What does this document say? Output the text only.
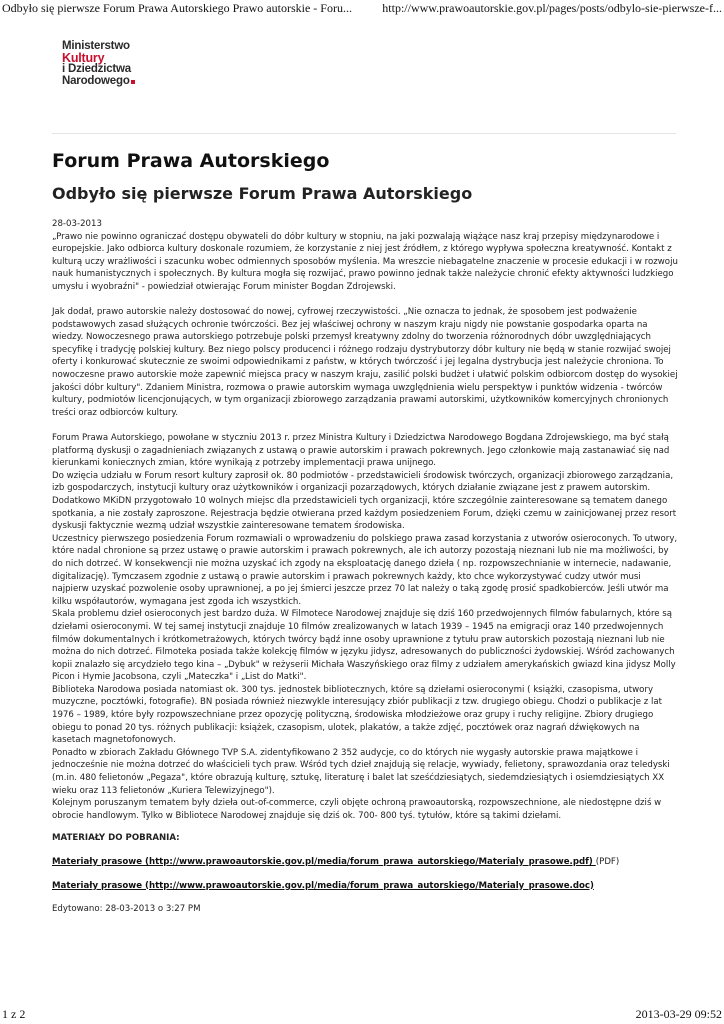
Odbyło się pierwsze Forum Prawa Autorskiego Prawo autorskie - Foru...	http://www.prawoautorskie.gov.pl/pages/posts/odbylo-sie-pierwsze-f...
Ministerstwo
Kultury
i Dziedzictwa
Narodowego
Forum Prawa Autorskiego
Odbyło się pierwsze Forum Prawa Autorskiego
28-03-2013

„Prawo nie powinno ograniczać dostępu obywateli do dóbr kultury w stopniu, na jaki pozwalają wiążące nasz kraj przepisy międzynarodowe i europejskie. Jako odbiorca kultury doskonale rozumiem, że korzystanie z niej jest źródłem, z którego wypływa społeczna kreatywność. Kontakt z kulturą uczy wrażliwości i szacunku wobec odmiennych sposobów myślenia. Ma wreszcie niebagatelne znaczenie w procesie edukacji i w rozwoju nauk humanistycznych i społecznych. By kultura mogła się rozwijać, prawo powinno jednak także należycie chronić efekty aktywności ludzkiego umysłu i wyobraźni" - powiedział otwierając Forum minister Bogdan Zdrojewski.

Jak dodał, prawo autorskie należy dostosować do nowej, cyfrowej rzeczywistości. „Nie oznacza to jednak, że sposobem jest podważenie podstawowych zasad służących ochronie twórczości. Bez jej właściwej ochrony w naszym kraju nigdy nie powstanie gospodarka oparta na wiedzy. Nowoczesnego prawa autorskiego potrzebuje polski przemysł kreatywny zdolny do tworzenia różnorodnych dóbr uwzględniających specyfikę i tradycję polskiej kultury. Bez niego polscy producenci i różnego rodzaju dystrybutorzy dóbr kultury nie będą w stanie rozwijać swojej oferty i konkurować skutecznie ze swoimi odpowiednikami z państw, w których twórczość i jej legalna dystrybucja jest należycie chroniona. To nowoczesne prawo autorskie może zapewnić miejsca pracy w naszym kraju, zasilić polski budżet i ułatwić polskim odbiorcom dostęp do wysokiej jakości dóbr kultury". Zdaniem Ministra, rozmowa o prawie autorskim wymaga uwzględnienia wielu perspektyw i punktów widzenia - twórców kultury, podmiotów licencjonujących, w tym organizacji zbiorowego zarządzania prawami autorskimi, użytkowników komercyjnych chronionych treści oraz odbiorców kultury.

Forum Prawa Autorskiego, powołane w styczniu 2013 r. przez Ministra Kultury i Dziedzictwa Narodowego Bogdana Zdrojewskiego, ma być stałą platformą dyskusji o zagadnieniach związanych z ustawą o prawie autorskim i prawach pokrewnych. Jego członkowie mają zastanawiać się nad kierunkami koniecznych zmian, które wynikają z potrzeby implementacji prawa unijnego.

Do wzięcia udziału w Forum resort kultury zaprosił ok. 80 podmiotów - przedstawicieli środowisk twórczych, organizacji zbiorowego zarządzania, izb gospodarczych, instytucji kultury oraz użytkowników i organizacji pozarządowych, których działanie związane jest z prawem autorskim. Dodatkowo MKiDN przygotowało 10 wolnych miejsc dla przedstawicieli tych organizacji, które szczególnie zainteresowane są tematem danego spotkania, a nie zostały zaproszone. Rejestracja będzie otwierana przed każdym posiedzeniem Forum, dzięki czemu w zainicjowanej przez resort dyskusji faktycznie wezmą udział wszystkie zainteresowane tematem środowiska.

Uczestnicy pierwszego posiedzenia Forum rozmawiali o wprowadzeniu do polskiego prawa zasad korzystania z utworów osieroconych. To utwory, które nadal chronione są przez ustawę o prawie autorskim i prawach pokrewnych, ale ich autorzy pozostają nieznani lub nie ma możliwości, by do nich dotrzeć. W konsekwencji nie można uzyskać ich zgody na eksploatację danego dzieła ( np. rozpowszechnianie w internecie, nadawanie, digitalizację). Tymczasem zgodnie z ustawą o prawie autorskim i prawach pokrewnych każdy, kto chce wykorzystywać cudzy utwór musi najpierw uzyskać pozwolenie osoby uprawnionej, a po jej śmierci jeszcze przez 70 lat należy o taką zgodę prosić spadkobierców. Jeśli utwór ma kilku współautorów, wymagana jest zgoda ich wszystkich.

Skala problemu dzieł osieroconych jest bardzo duża. W Filmotece Narodowej znajduje się dziś 160 przedwojennych filmów fabularnych, które są dziełami osieroconymi. W tej samej instytucji znajduje 10 filmów zrealizowanych w latach 1939 – 1945 na emigracji oraz 140 przedwojennych filmów dokumentalnych i krótkometrażowych, których twórcy bądź inne osoby uprawnione z tytułu praw autorskich pozostają nieznani lub nie można do nich dotrzeć. Filmoteka posiada także kolekcję filmów w języku jidysz, adresowanych do publiczności żydowskiej. Wśród zachowanych kopii znalazło się arcydzieło tego kina – „Dybuk" w reżyserii Michała Waszyńskiego oraz filmy z udziałem amerykańskich gwiazd kina jidysz Molly Picon i Hymie Jacobsona, czyli „Mateczka" i „List do Matki".

Biblioteka Narodowa posiada natomiast ok. 300 tys. jednostek bibliotecznych, które są dziełami osieroconymi ( książki, czasopisma, utwory muzyczne, pocztówki, fotografie). BN posiada również niezwykle interesujący zbiór publikacji z tzw. drugiego obiegu. Chodzi o publikacje z lat 1976 – 1989, które były rozpowszechniane przez opozycję polityczną, środowiska młodzieżowe oraz grupy i ruchy religijne. Zbiory drugiego obiegu to ponad 20 tys. różnych publikacji: książek, czasopism, ulotek, plakatów, a także zdjęć, pocztówek oraz nagrań dźwiękowych na kasetach magnetofonowych.

Ponadto w zbiorach Zakładu Głównego TVP S.A. zidentyfikowano 2 352 audycje, co do których nie wygasły autorskie prawa majątkowe i jednocześnie nie można dotrzeć do właścicieli tych praw. Wśród tych dzieł znajdują się relacje, wywiady, felietony, sprawozdania oraz teledyski (m.in. 480 felietonów „Pegaza", które obrazują kulturę, sztukę, literaturę i balet lat sześćdziesiątych, siedemdziesiątych i osiemdziesiątych XX wieku oraz 113 felietonów „Kuriera Telewizyjnego").

Kolejnym poruszanym tematem były dzieła out-of-commerce, czyli objęte ochroną prawoautorską, rozpowszechnione, ale niedostępne dziś w obrocie handlowym. Tylko w Bibliotece Narodowej znajduje się dziś ok. 700- 800 tyś. tytułów, które są takimi dziełami.

MATERIAŁY DO POBRANIA:
Materiały prasowe (http://www.prawoautorskie.gov.pl/media/forum_prawa_autorskiego/Materialy_prasowe.pdf) (PDF)
Materiały prasowe (http://www.prawoautorskie.gov.pl/media/forum_prawa_autorskiego/Materialy_prasowe.doc)
Edytowano: 28-03-2013 o 3:27 PM
1 z 2	2013-03-29 09:52
